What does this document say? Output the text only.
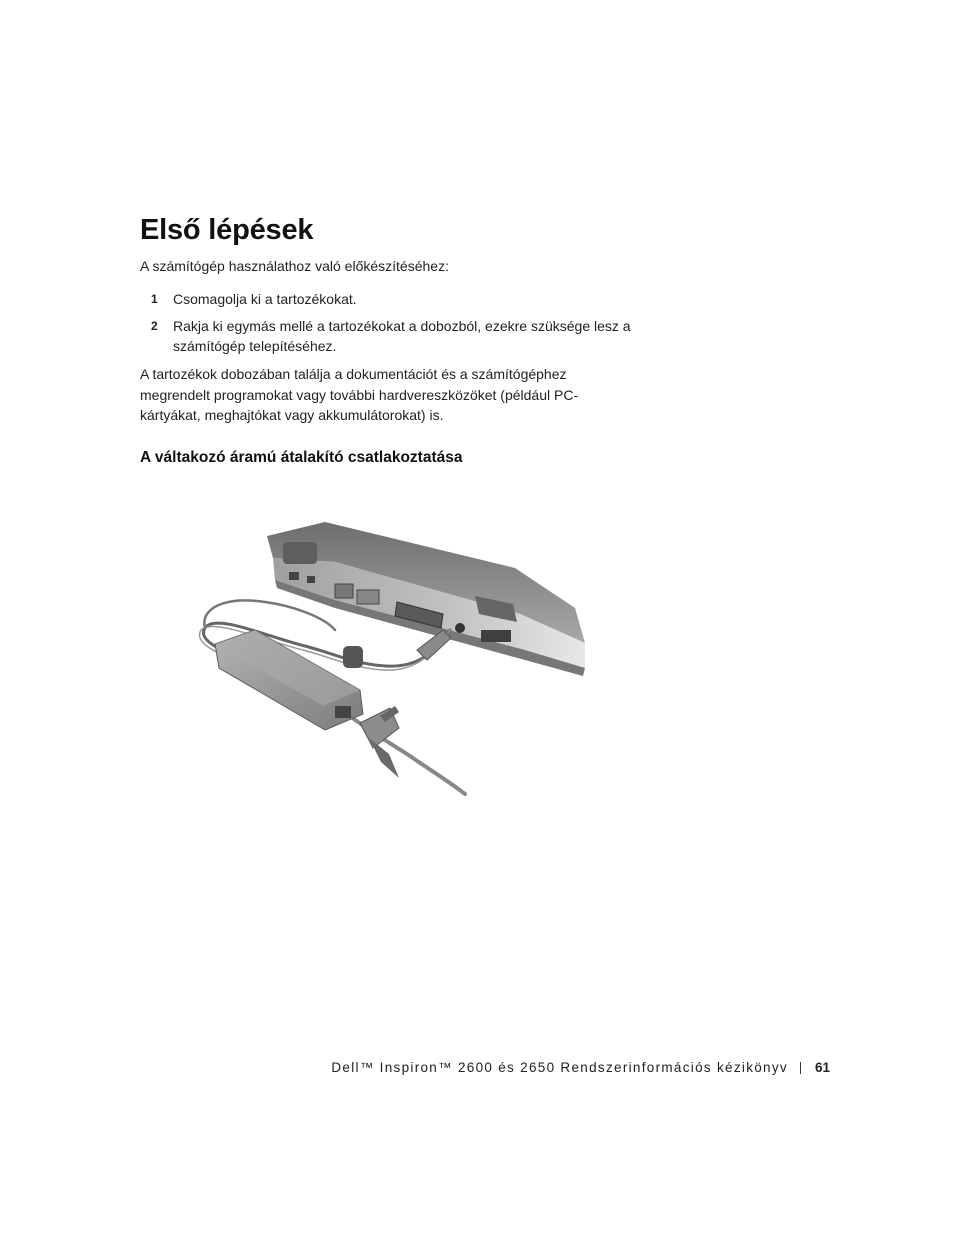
Első lépések

A számítógép használathoz való előkészítéséhez:

1	Csomagolja ki a tartozékokat.
2	Rakja ki egymás mellé a tartozékokat a dobozból, ezekre szüksége lesz a számítógép telepítéséhez.

A tartozékok dobozában találja a dokumentációt és a számítógéphez megrendelt programokat vagy további hardvereszközöket (például PC-kártyákat, meghajtókat vagy akkumulátorokat) is.

A váltakozó áramú átalakító csatlakoztatása
Dell™ Inspiron™ 2600 és 2650 Rendszerinformációs kézikönyv 61
